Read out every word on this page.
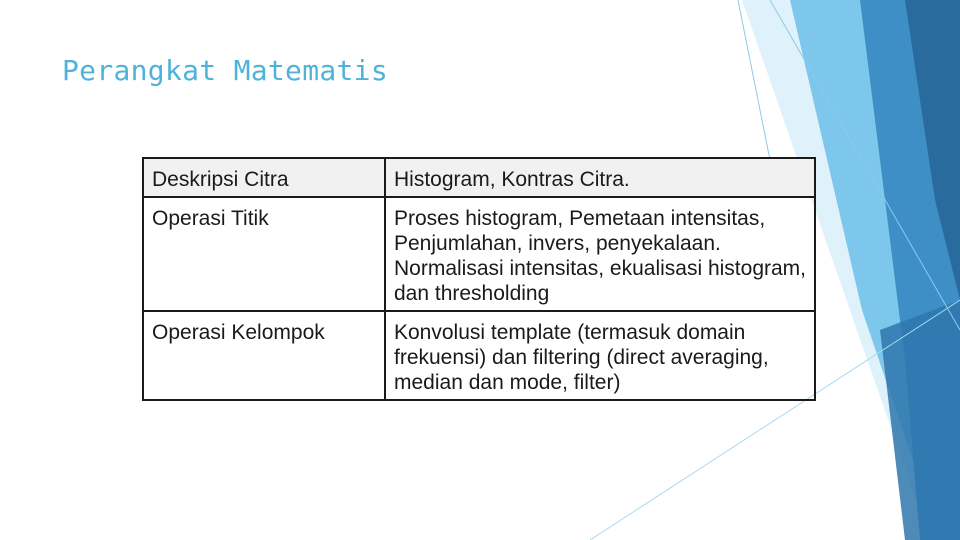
Perangkat Matematis
Deskripsi Citra	Histogram, Kontras Citra.
Operasi Titik	Proses histogram, Pemetaan intensitas, Penjumlahan, invers, penyekalaan. Normalisasi intensitas, ekualisasi histogram, dan thresholding
Operasi Kelompok	Konvolusi template (termasuk domain frekuensi) dan filtering (direct averaging, median dan mode, filter)
